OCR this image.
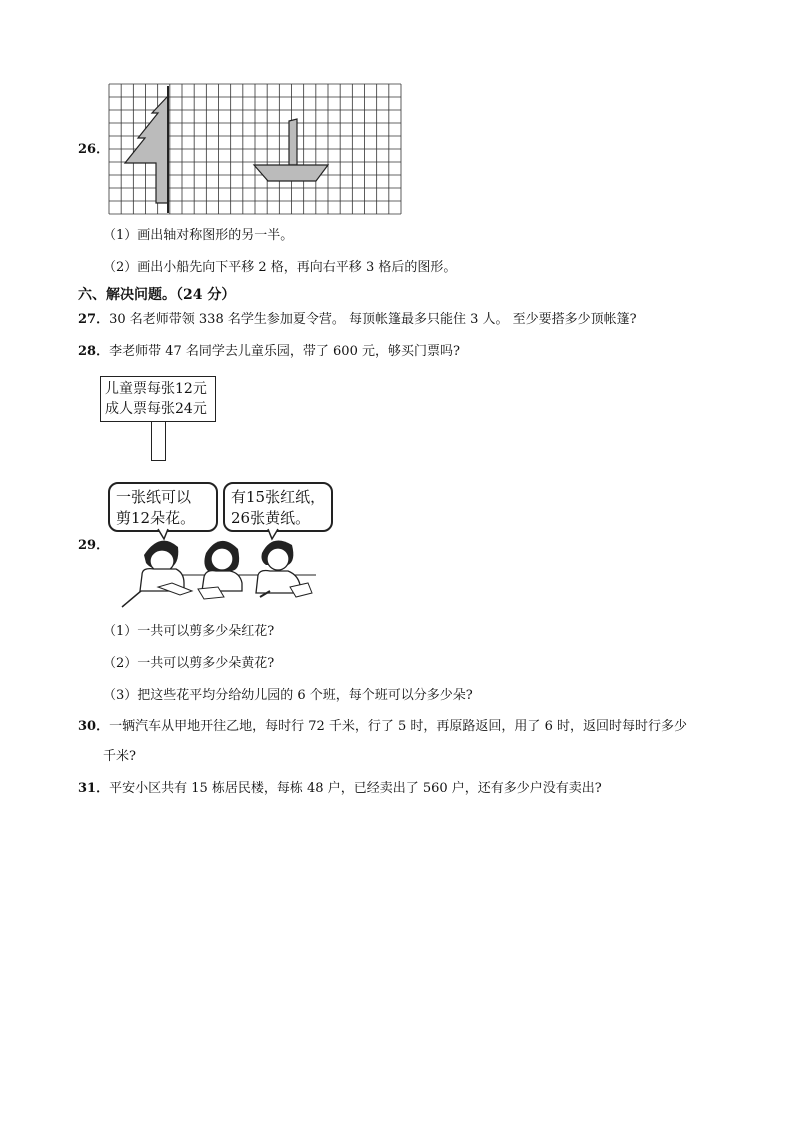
26．
（1）画出轴对称图形的另一半。
（2）画出小船先向下平移 2 格，再向右平移 3 格后的图形。
六、解决问题。（24 分）
27．30 名老师带领 338 名学生参加夏令营。 每顶帐篷最多只能住 3 人。 至少要搭多少顶帐篷?
28．李老师带 47 名同学去儿童乐园，带了 600 元，够买门票吗?
儿童票每张12元
成人票每张24元
29．
一张纸可以
剪12朵花。
有15张红纸，
26张黄纸。
（1）一共可以剪多少朵红花?
（2）一共可以剪多少朵黄花?
（3）把这些花平均分给幼儿园的 6 个班，每个班可以分多少朵?
30．一辆汽车从甲地开往乙地，每时行 72 千米，行了 5 时，再原路返回，用了 6 时，返回时每时行多少
千米?
31．平安小区共有 15 栋居民楼，每栋 48 户，已经卖出了 560 户，还有多少户没有卖出?
